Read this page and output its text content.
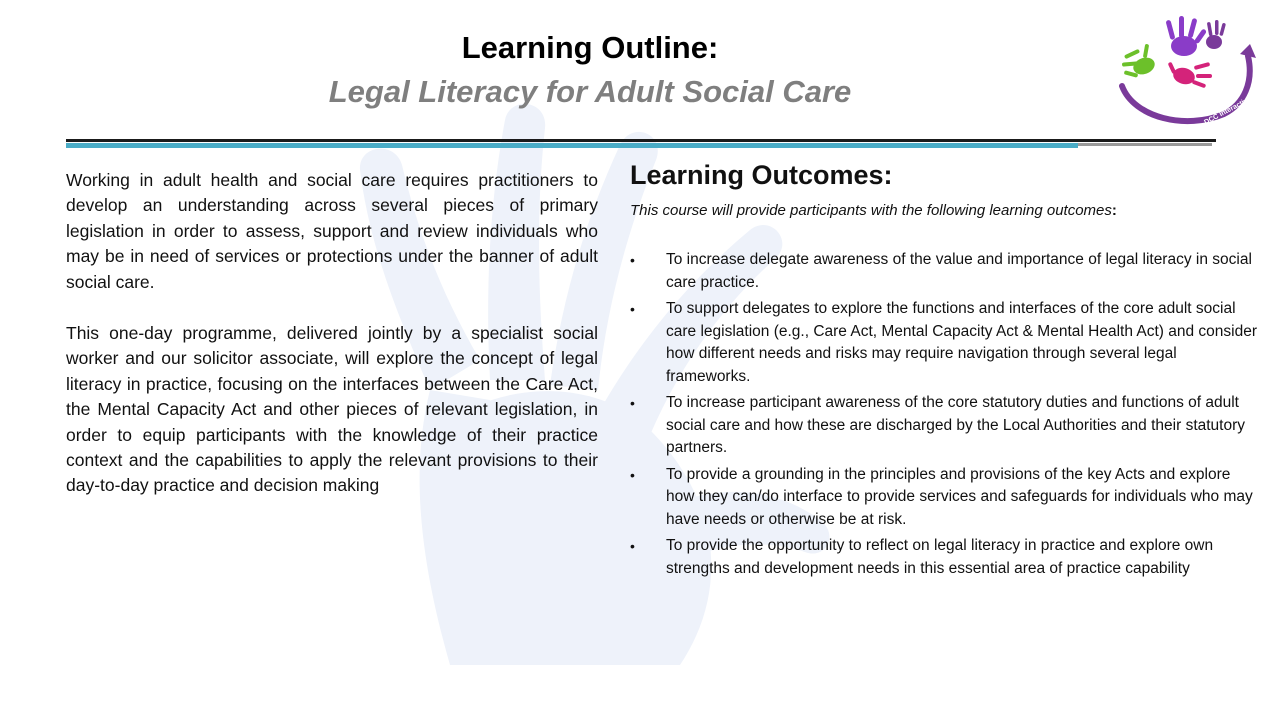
Learning Outline:
Legal Literacy for Adult Social Care
DCC Interactive

Working in adult health and social care requires practitioners to develop an understanding across several pieces of primary legislation in order to assess, support and review individuals who may be in need of services or protections under the banner of adult social care.

This one-day programme, delivered jointly by a specialist social worker and our solicitor associate, will explore the concept of legal literacy in practice, focusing on the interfaces between the Care Act, the Mental Capacity Act and other pieces of relevant legislation, in order to equip participants with the knowledge of their practice context and the capabilities to apply the relevant provisions to their day-to-day practice and decision making

Learning Outcomes:

This course will provide participants with the following learning outcomes:

• To increase delegate awareness of the value and importance of legal literacy in social care practice.
• To support delegates to explore the functions and interfaces of the core adult social care legislation (e.g., Care Act, Mental Capacity Act & Mental Health Act) and consider how different needs and risks may require navigation through several legal frameworks.
• To increase participant awareness of the core statutory duties and functions of adult social care and how these are discharged by the Local Authorities and their statutory partners.
• To provide a grounding in the principles and provisions of the key Acts and explore how they can/do interface to provide services and safeguards for individuals who may have needs or otherwise be at risk.
• To provide the opportunity to reflect on legal literacy in practice and explore own strengths and development needs in this essential area of practice capability
